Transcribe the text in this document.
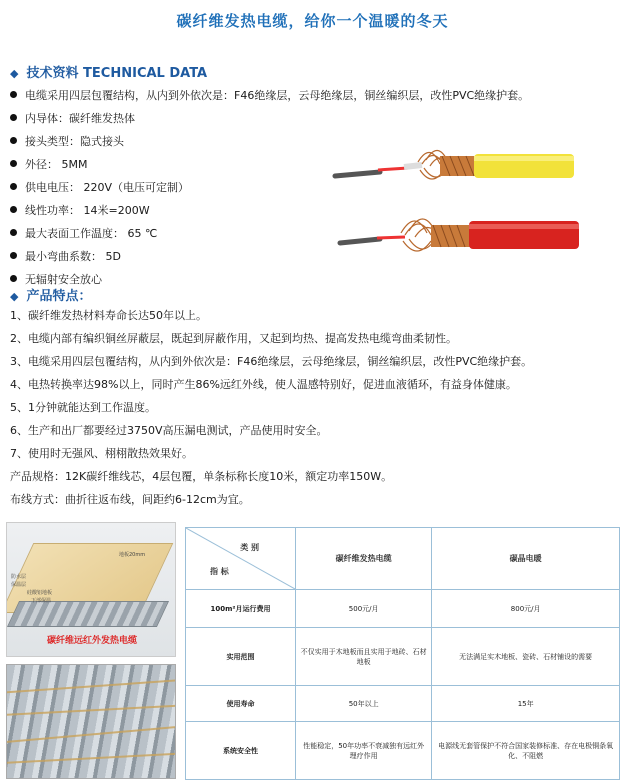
碳纤维发热电缆，给你一个温暖的冬天
◆ 技术资料 TECHNICAL DATA
电缆采用四层包覆结构，从内到外依次是：F46绝缘层，云母绝缘层，铜丝编织层，改性PVC绝缘护套。
内导体：碳纤维发热体
接头类型：隐式接头
外径： 5MM
供电电压： 220V（电压可定制）
线性功率： 14米=200W
最大表面工作温度： 65 ℃
最小弯曲系数： 5D
无辐射安全放心
◆ 产品特点：
1、碳纤维发热材料寿命长达50年以上。
2、电缆内部有编织铜丝屏蔽层，既起到屏蔽作用，又起到均热、提高发热电缆弯曲柔韧性。
3、电缆采用四层包覆结构，从内到外依次是：F46绝缘层，云母绝缘层，铜丝编织层，改性PVC绝缘护套。
4、电热转换率达98%以上，同时产生86%远红外线，使人温感特别好，促进血液循环，有益身体健康。
5、1分钟就能达到工作温度。
6、生产和出厂都要经过3750V高压漏电测试，产品使用时安全。
7、使用时无强风、栩栩散热效果好。
产品规格：12K碳纤维线芯，4层包覆，单条标称长度10米，额定功率150W。
布线方式：曲折往返布线，间距约6-12cm为宜。
地板20mm
防水层
保温层
硅酸铝地板
下部保温
碳纤维远红外发热电缆
类 别
指 标	碳纤维发热电缆	碳晶电暖
100m²月运行费用	500元/月	800元/月
实用范围	不仅实用于木地板而且实用于地砖、石材地板	无法满足实木地板、瓷砖、石材铺设的需要
使用寿命	50年以上	15年
系统安全性	性能稳定，50年功率不衰减独有远红外理疗作用	电源线无套管保护不符合国家装修标准、存在电极铜条氧化、不阻燃
